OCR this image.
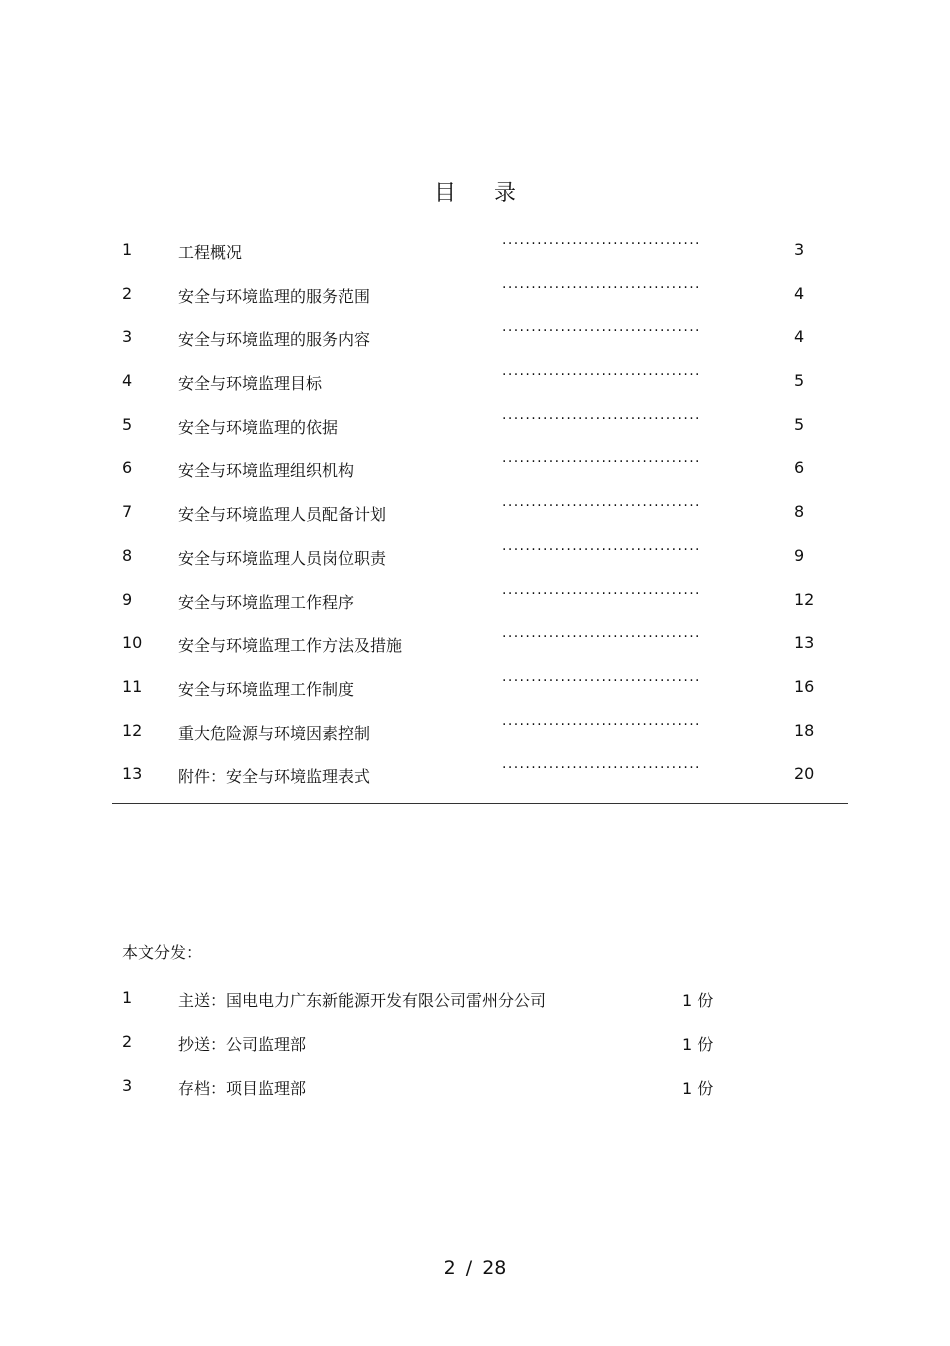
目录
1	工程概况	··································	3
2	安全与环境监理的服务范围	··································	4
3	安全与环境监理的服务内容	··································	4
4	安全与环境监理目标	··································	5
5	安全与环境监理的依据	··································	5
6	安全与环境监理组织机构	··································	6
7	安全与环境监理人员配备计划	··································	8
8	安全与环境监理人员岗位职责	··································	9
9	安全与环境监理工作程序	··································	12
10 安全与环境监理工作方法及措施	··································	13
11 安全与环境监理工作制度	··································	16
12 重大危险源与环境因素控制	··································	18
13 附件：安全与环境监理表式	··································	20
本文分发：
1	主送：国电电力广东新能源开发有限公司雷州分公司	1 份
2	抄送：公司监理部	1 份
3	存档：项目监理部	1 份
2 / 28
